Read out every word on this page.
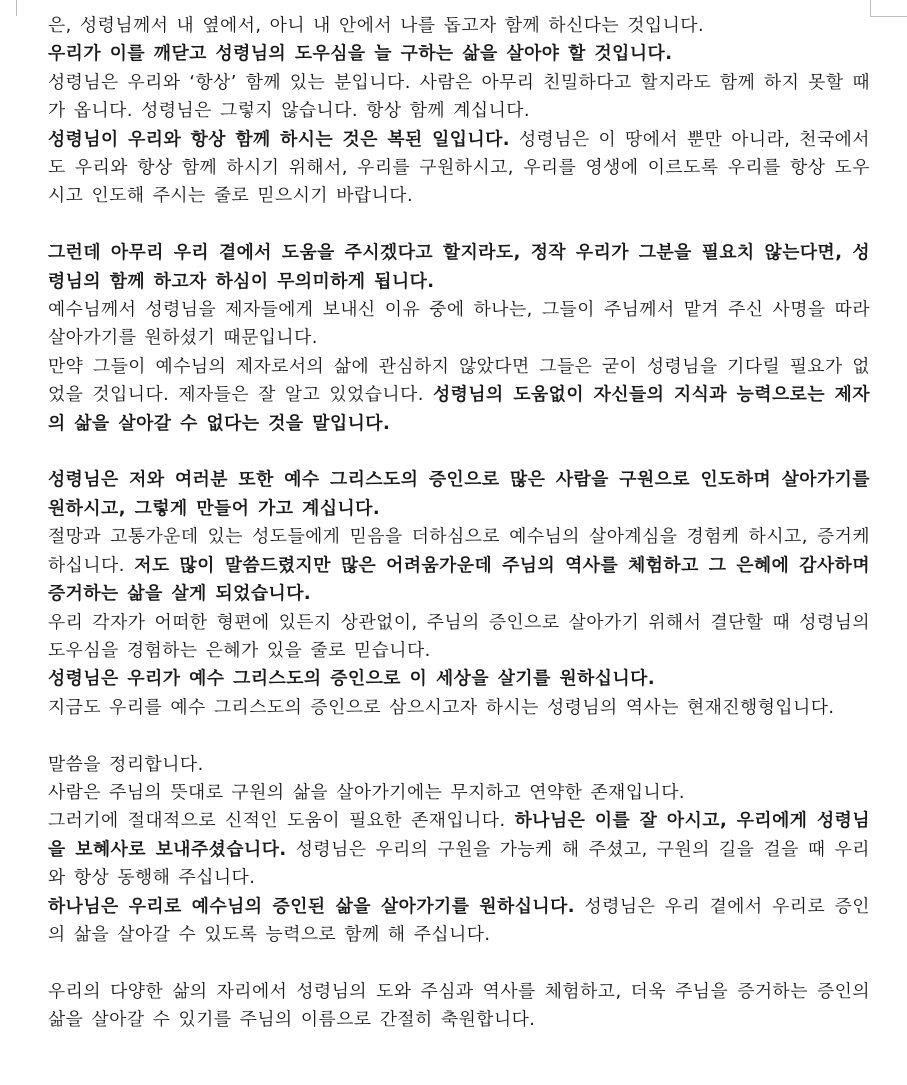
은, 성령님께서 내 옆에서, 아니 내 안에서 나를 돕고자 함께 하신다는 것입니다.

우리가 이를 깨닫고 성령님의 도우심을 늘 구하는 삶을 살아야 할 것입니다.

성령님은 우리와 ‘항상’ 함께 있는 분입니다. 사람은 아무리 친밀하다고 할지라도 함께 하지 못할 때가 옵니다. 성령님은 그렇지 않습니다. 항상 함께 계십니다.

성령님이 우리와 항상 함께 하시는 것은 복된 일입니다. 성령님은 이 땅에서 뿐만 아니라, 천국에서도 우리와 항상 함께 하시기 위해서, 우리를 구원하시고, 우리를 영생에 이르도록 우리를 항상 도우시고 인도해 주시는 줄로 믿으시기 바랍니다.

그런데 아무리 우리 곁에서 도움을 주시겠다고 할지라도, 정작 우리가 그분을 필요치 않는다면, 성령님의 함께 하고자 하심이 무의미하게 됩니다.

예수님께서 성령님을 제자들에게 보내신 이유 중에 하나는, 그들이 주님께서 맡겨 주신 사명을 따라 살아가기를 원하셨기 때문입니다.

만약 그들이 예수님의 제자로서의 삶에 관심하지 않았다면 그들은 굳이 성령님을 기다릴 필요가 없었을 것입니다. 제자들은 잘 알고 있었습니다. 성령님의 도움없이 자신들의 지식과 능력으로는 제자의 삶을 살아갈 수 없다는 것을 말입니다.

성령님은 저와 여러분 또한 예수 그리스도의 증인으로 많은 사람을 구원으로 인도하며 살아가기를 원하시고, 그렇게 만들어 가고 계십니다.

절망과 고통가운데 있는 성도들에게 믿음을 더하심으로 예수님의 살아계심을 경험케 하시고, 증거케 하십니다. 저도 많이 말씀드렸지만 많은 어려움가운데 주님의 역사를 체험하고 그 은혜에 감사하며 증거하는 삶을 살게 되었습니다.

우리 각자가 어떠한 형편에 있든지 상관없이, 주님의 증인으로 살아가기 위해서 결단할 때 성령님의 도우심을 경험하는 은혜가 있을 줄로 믿습니다.

성령님은 우리가 예수 그리스도의 증인으로 이 세상을 살기를 원하십니다.

지금도 우리를 예수 그리스도의 증인으로 삼으시고자 하시는 성령님의 역사는 현재진행형입니다.

말씀을 정리합니다.

사람은 주님의 뜻대로 구원의 삶을 살아가기에는 무지하고 연약한 존재입니다.

그러기에 절대적으로 신적인 도움이 필요한 존재입니다. 하나님은 이를 잘 아시고, 우리에게 성령님을 보혜사로 보내주셨습니다. 성령님은 우리의 구원을 가능케 해 주셨고, 구원의 길을 걸을 때 우리와 항상 동행해 주십니다.

하나님은 우리로 예수님의 증인된 삶을 살아가기를 원하십니다. 성령님은 우리 곁에서 우리로 증인의 삶을 살아갈 수 있도록 능력으로 함께 해 주십니다.

우리의 다양한 삶의 자리에서 성령님의 도와 주심과 역사를 체험하고, 더욱 주님을 증거하는 증인의 삶을 살아갈 수 있기를 주님의 이름으로 간절히 축원합니다.
